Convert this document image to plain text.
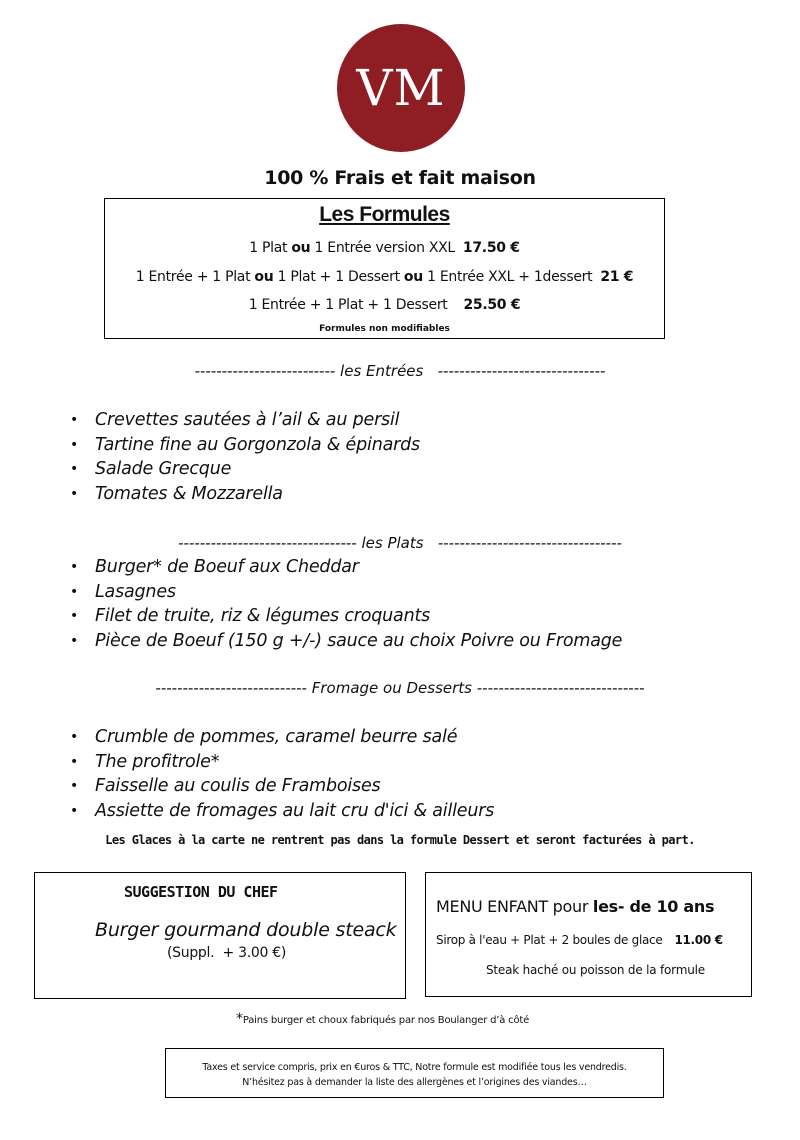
VM
100 % Frais et fait maison
Les Formules
1 Plat ou 1 Entrée version XXL 17.50 €
1 Entrée + 1 Plat ou 1 Plat + 1 Dessert ou 1 Entrée XXL + 1dessert 21 €
1 Entrée + 1 Plat + 1 Dessert 25.50 €
Formules non modifiables
-------------------------- les Entrées   -------------------------------
• Crevettes sautées à l’ail & au persil
• Tartine fine au Gorgonzola & épinards
• Salade Grecque
• Tomates & Mozzarella
--------------------------------- les Plats   ----------------------------------
• Burger* de Boeuf aux Cheddar
• Lasagnes
• Filet de truite, riz & légumes croquants
• Pièce de Boeuf (150 g +/-) sauce au choix Poivre ou Fromage
---------------------------- Fromage ou Desserts -------------------------------
• Crumble de pommes, caramel beurre salé
• The profitrole*
• Faisselle au coulis de Framboises
• Assiette de fromages au lait cru d'ici & ailleurs
Les Glaces à la carte ne rentrent pas dans la formule Dessert et seront facturées à part.
SUGGESTION DU CHEF
Burger gourmand double steack
(Suppl.  + 3.00 €)
MENU ENFANT pour les- de 10 ans
Sirop à l'eau + Plat + 2 boules de glace 11.00 €
Steak haché ou poisson de la formule
*Pains burger et choux fabriqués par nos Boulanger d’à côté
Taxes et service compris, prix en €uros & TTC, Notre formule est modifiée tous les vendredis.
N’hésitez pas à demander la liste des allergènes et l’origines des viandes…
